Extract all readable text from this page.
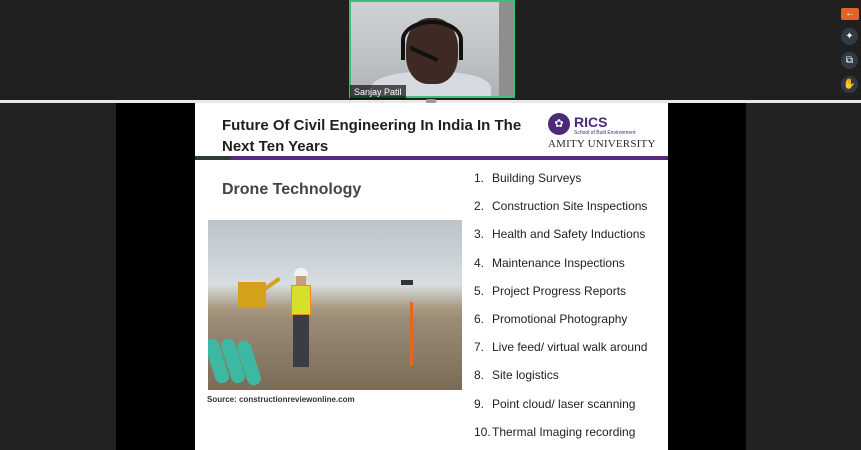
Sanjay Patil
←
✦
⧉
✋
Future Of Civil Engineering In India In The Next Ten Years
✿ RICS
School of Built Environment
AMITY UNIVERSITY
Drone Technology
Source: constructionreviewonline.com
1. Building Surveys
2. Construction Site Inspections
3. Health and Safety Inductions
4. Maintenance Inspections
5. Project Progress Reports
6. Promotional Photography
7. Live feed/ virtual walk around
8. Site logistics
9. Point cloud/ laser scanning
10.Thermal Imaging recording
